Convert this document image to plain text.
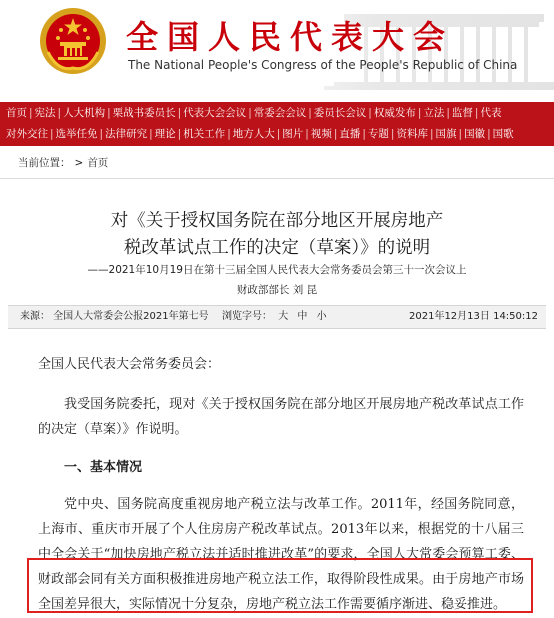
全国人民代表大会
The National People's Congress of the People's Republic of China
首页 | 宪法 | 人大机构 | 栗战书委员长 | 代表大会会议 | 常委会会议 | 委员长会议 | 权威发布 | 立法 | 监督 | 代表
对外交往 | 选举任免 | 法律研究 | 理论 | 机关工作 | 地方人大 | 图片 | 视频 | 直播 | 专题 | 资料库 | 国旗 | 国徽 | 国歌
当前位置： > 首页
对《关于授权国务院在部分地区开展房地产
税改革试点工作的决定（草案）》的说明
——2021年10月19日在第十三届全国人民代表大会常务委员会第三十一次会议上
财政部部长 刘 昆
来源： 全国人大常委会公报2021年第七号 浏览字号： 大 中 小	2021年12月13日 14:50:12
全国人民代表大会常务委员会：
我受国务院委托，现对《关于授权国务院在部分地区开展房地产税改革试点工作的决定（草案）》作说明。
一、基本情况
党中央、国务院高度重视房地产税立法与改革工作。2011年，经国务院同意，上海市、重庆市开展了个人住房房产税改革试点。2013年以来，根据党的十八届三中全会关于“加快房地产税立法并适时推进改革”的要求，全国人大常委会预算工委、财政部会同有关方面积极推进房地产税立法工作，取得阶段性成果。由于房地产市场全国差异很大，实际情况十分复杂，房地产税立法工作需要循序渐进、稳妥推进。
